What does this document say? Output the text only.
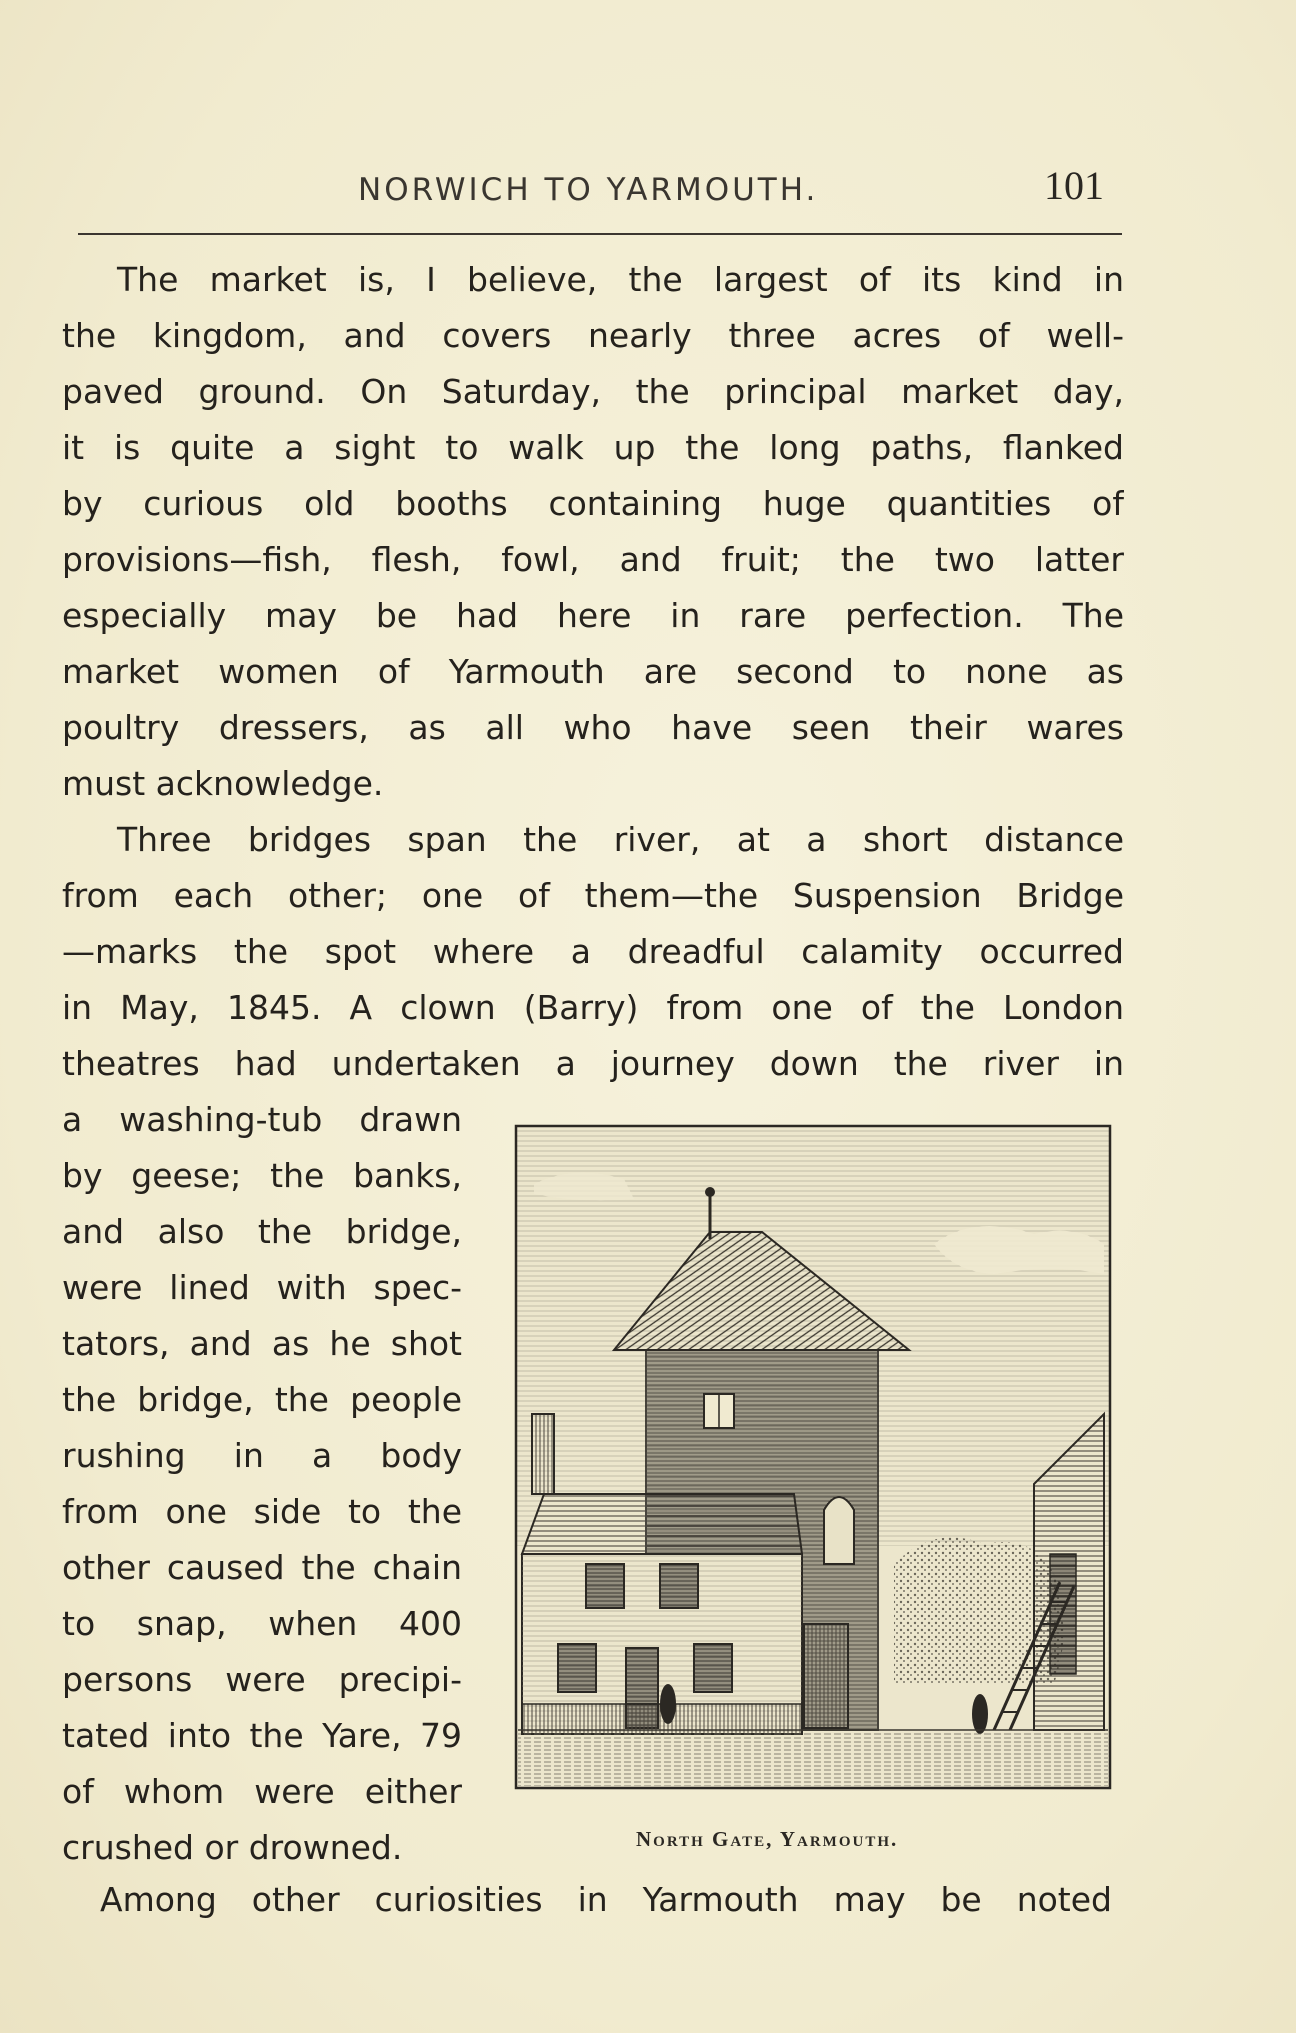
NORWICH TO YARMOUTH.	101
The market is, I believe, the largest of its kind in
the kingdom, and covers nearly three acres of well-
paved ground. On Saturday, the principal market day,
it is quite a sight to walk up the long paths, flanked
by curious old booths containing huge quantities of
provisions—fish, flesh, fowl, and fruit; the two latter
especially may be had here in rare perfection. The
market women of Yarmouth are second to none as
poultry dressers, as all who have seen their wares
must acknowledge.
Three bridges span the river, at a short distance
from each other; one of them—the Suspension Bridge
—marks the spot where a dreadful calamity occurred
in May, 1845. A clown (Barry) from one of the London
theatres had undertaken a journey down the river in
a washing-tub drawn
by geese; the banks,
and also the bridge,
were lined with spec-
tators, and as he shot
the bridge, the people
rushing in a body
from one side to the
other caused the chain
to snap, when 400
persons were precipi-
tated into the Yare, 79
of whom were either
crushed or drowned.	North Gate, Yarmouth.
Among other curiosities in Yarmouth may be noted
